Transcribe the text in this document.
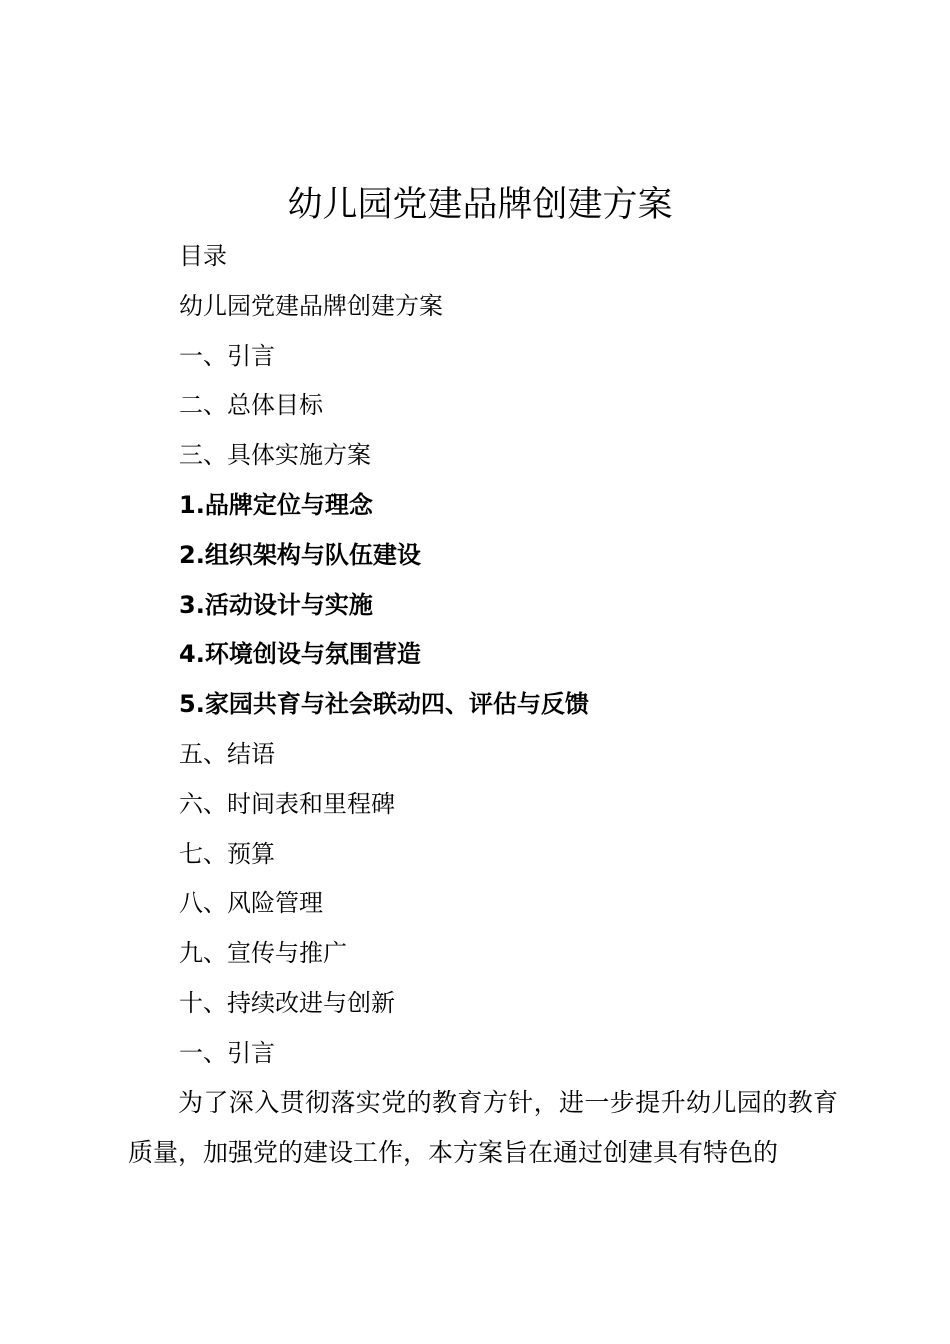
幼儿园党建品牌创建方案
目录
幼儿园党建品牌创建方案
一、引言
二、总体目标
三、具体实施方案
1.品牌定位与理念
2.组织架构与队伍建设
3.活动设计与实施
4.环境创设与氛围营造
5.家园共育与社会联动四、评估与反馈
五、结语
六、时间表和里程碑
七、预算
八、风险管理
九、宣传与推广
十、持续改进与创新
一、引言

为了深入贯彻落实党的教育方针，进一步提升幼儿园的教育质量，加强党的建设工作，本方案旨在通过创建具有特色的
